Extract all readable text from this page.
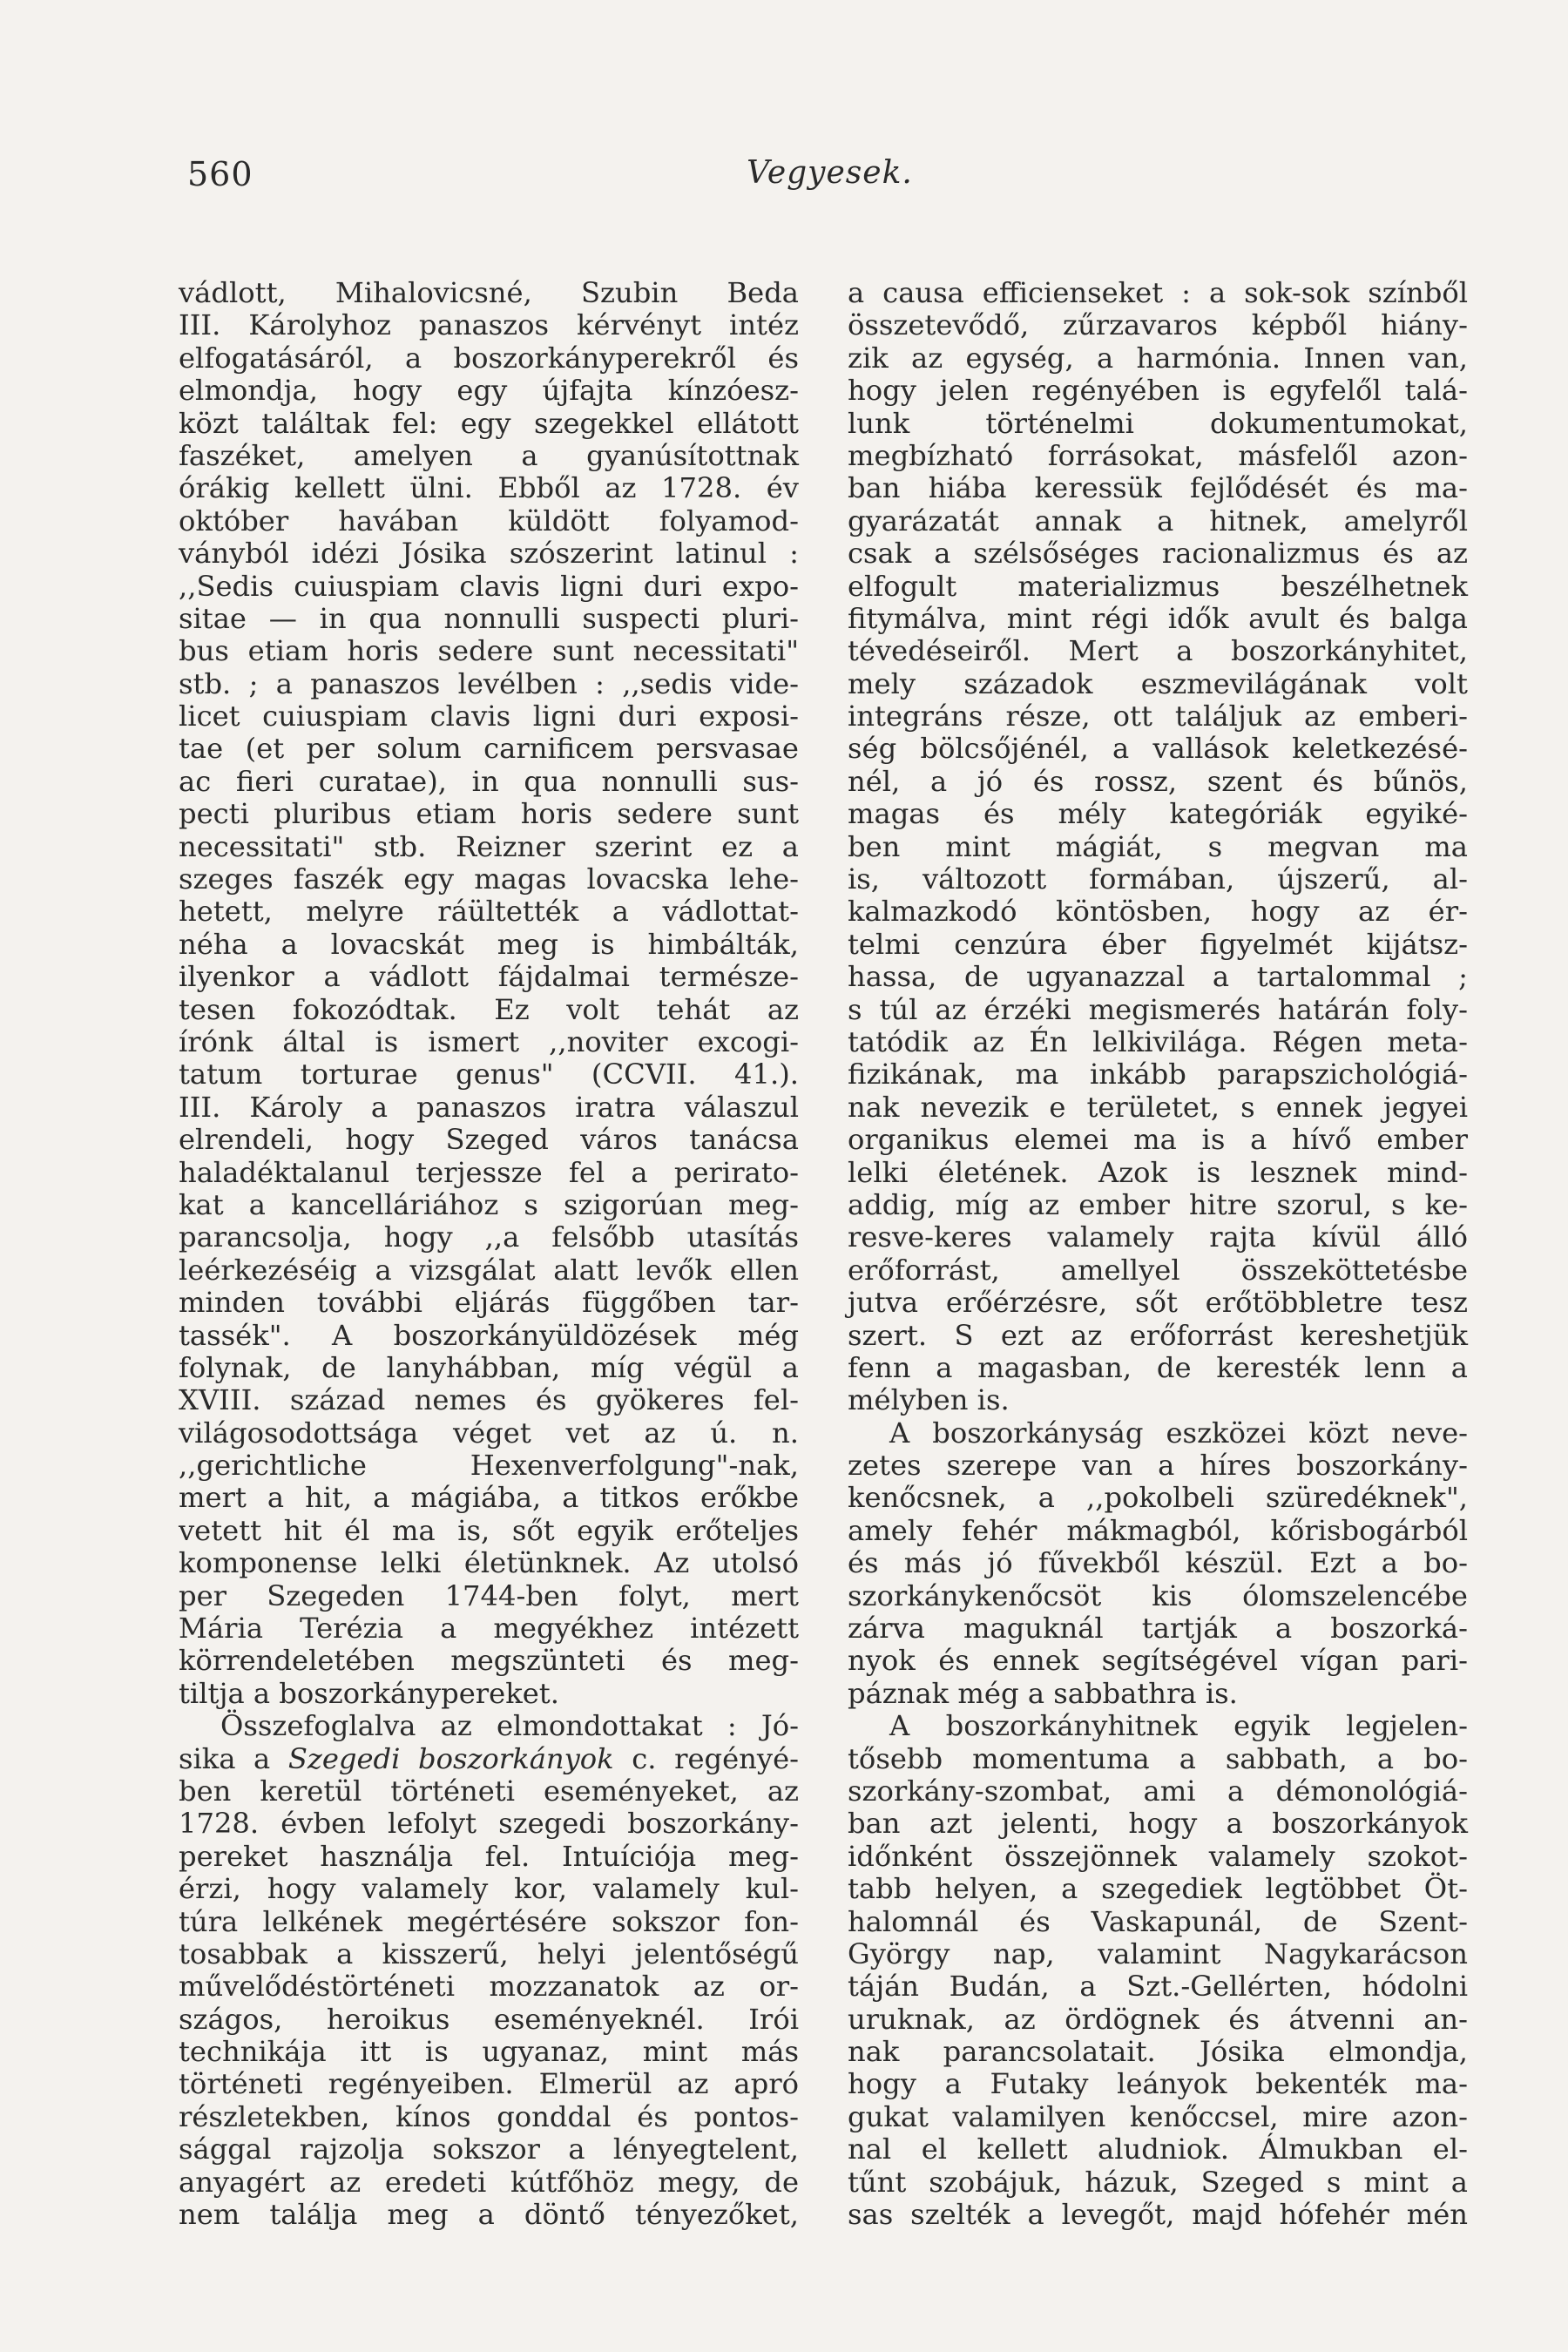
560	Vegyesek.
vádlott, Mihalovicsné, Szubin Beda
III. Károlyhoz panaszos kérvényt intéz
elfogatásáról, a boszorkányperekről és
elmondja, hogy egy újfajta kínzóesz-
közt találtak fel: egy szegekkel ellátott
faszéket, amelyen a gyanúsítottnak
órákig kellett ülni. Ebből az 1728. év
október havában küldött folyamod-
ványból idézi Jósika szószerint latinul :
,,Sedis cuiuspiam clavis ligni duri expo-
sitae — in qua nonnulli suspecti pluri-
bus etiam horis sedere sunt necessitati"
stb. ; a panaszos levélben : ,,sedis vide-
licet cuiuspiam clavis ligni duri exposi-
tae (et per solum carnificem persvasae
ac fieri curatae), in qua nonnulli sus-
pecti pluribus etiam horis sedere sunt
necessitati" stb. Reizner szerint ez a
szeges faszék egy magas lovacska lehe-
hetett, melyre ráültették a vádlottat-
néha a lovacskát meg is himbálták,
ilyenkor a vádlott fájdalmai természe-
tesen fokozódtak. Ez volt tehát az
írónk által is ismert ,,noviter excogi-
tatum torturae genus" (CCVII. 41.).
III. Károly a panaszos iratra válaszul
elrendeli, hogy Szeged város tanácsa
haladéktalanul terjessze fel a periratо-
kat a kancelláriához s szigorúan meg-
parancsolja, hogy ,,a felsőbb utasítás
leérkezéséig a vizsgálat alatt levők ellen
minden további eljárás függőben tar-
tassék". A boszorkányüldözések még
folynak, de lanyhábban, míg végül a
XVIII. század nemes és gyökeres fel-
világosodottsága véget vet az ú. n.
,,gerichtliche Hexenverfolgung"-nak,
mert a hit, a mágiába, a titkos erőkbe
vetett hit él ma is, sőt egyik erőteljes
komponense lelki életünknek. Az utolsó
per Szegeden 1744-ben folyt, mert
Mária Terézia a megyékhez intézett
körrendeletében megszünteti és meg-
tiltja a boszorkánypereket.
Összefoglalva az elmondottakat : Jó-
sika a Szegedi boszorkányok c. regényé-
ben keretül történeti eseményeket, az
1728. évben lefolyt szegedi boszorkány-
pereket használja fel. Intuíciója meg-
érzi, hogy valamely kor, valamely kul-
túra lelkének megértésére sokszor fon-
tosabbak a kisszerű, helyi jelentőségű
művelődéstörténeti mozzanatok az or-
szágos, heroikus eseményeknél. Irói
technikája itt is ugyanaz, mint más
történeti regényeiben. Elmerül az apró
részletekben, kínos gonddal és pontos-
sággal rajzolja sokszor a lényegtelent,
anyagért az eredeti kútfőhöz megy, de
nem találja meg a döntő tényezőket,
a causa efficienseket : a sok-sok színből
összetevődő, zűrzavaros képből hiány-
zik az egység, a harmónia. Innen van,
hogy jelen regényében is egyfelől talá-
lunk történelmi dokumentumokat,
megbízható forrásokat, másfelől azon-
ban hiába keressük fejlődését és ma-
gyarázatát annak a hitnek, amelyről
csak a szélsőséges racionalizmus és az
elfogult materializmus beszélhetnek
fitymálva, mint régi idők avult és balga
tévedéseiről. Mert a boszorkányhitet,
mely századok eszmevilágának volt
integráns része, ott találjuk az emberi-
ség bölcsőjénél, a vallások keletkezésé-
nél, a jó és rossz, szent és bűnös,
magas és mély kategóriák egyiké-
ben mint mágiát, s megvan ma
is, változott formában, újszerű, al-
kalmazkodó köntösben, hogy az ér-
telmi cenzúra éber figyelmét kijátsz-
hassa, de ugyanazzal a tartalommal ;
s túl az érzéki megismerés határán foly-
tatódik az Én lelkivilága. Régen meta-
fizikának, ma inkább parapszichológiá-
nak nevezik e területet, s ennek jegyei
organikus elemei ma is a hívő ember
lelki életének. Azok is lesznek mind-
addig, míg az ember hitre szorul, s ke-
resve-keres valamely rajta kívül álló
erőforrást, amellyel összeköttetésbe
jutva erőérzésre, sőt erőtöbbletre tesz
szert. S ezt az erőforrást kereshetjük
fenn a magasban, de keresték lenn a
mélyben is.
A boszorkányság eszközei közt neve-
zetes szerepe van a híres boszorkány-
kenőcsnek, a ,,pokolbeli szüredéknek",
amely fehér mákmagból, kőrisbogárból
és más jó fűvekből készül. Ezt a bo-
szorkánykenőcsöt kis ólomszelencébe
zárva maguknál tartják a boszorká-
nyok és ennek segítségével vígan pari-
páznak még a sabbathra is.
A boszorkányhitnek egyik legjelen-
tősebb momentuma a sabbath, a bo-
szorkány-szombat, ami a démonológiá-
ban azt jelenti, hogy a boszorkányok
időnként összejönnek valamely szokot-
tabb helyen, a szegediek legtöbbet Öt-
halomnál és Vaskapunál, de Szent-
György nap, valamint Nagykarácson
táján Budán, a Szt.-Gellérten, hódolni
uruknak, az ördögnek és átvenni an-
nak parancsolatait. Jósika elmondja,
hogy a Futaky leányok bekenték ma-
gukat valamilyen kenőccsel, mire azon-
nal el kellett aludniok. Álmukban el-
tűnt szobájuk, házuk, Szeged s mint a
sas szelték a levegőt, majd hófehér mén
